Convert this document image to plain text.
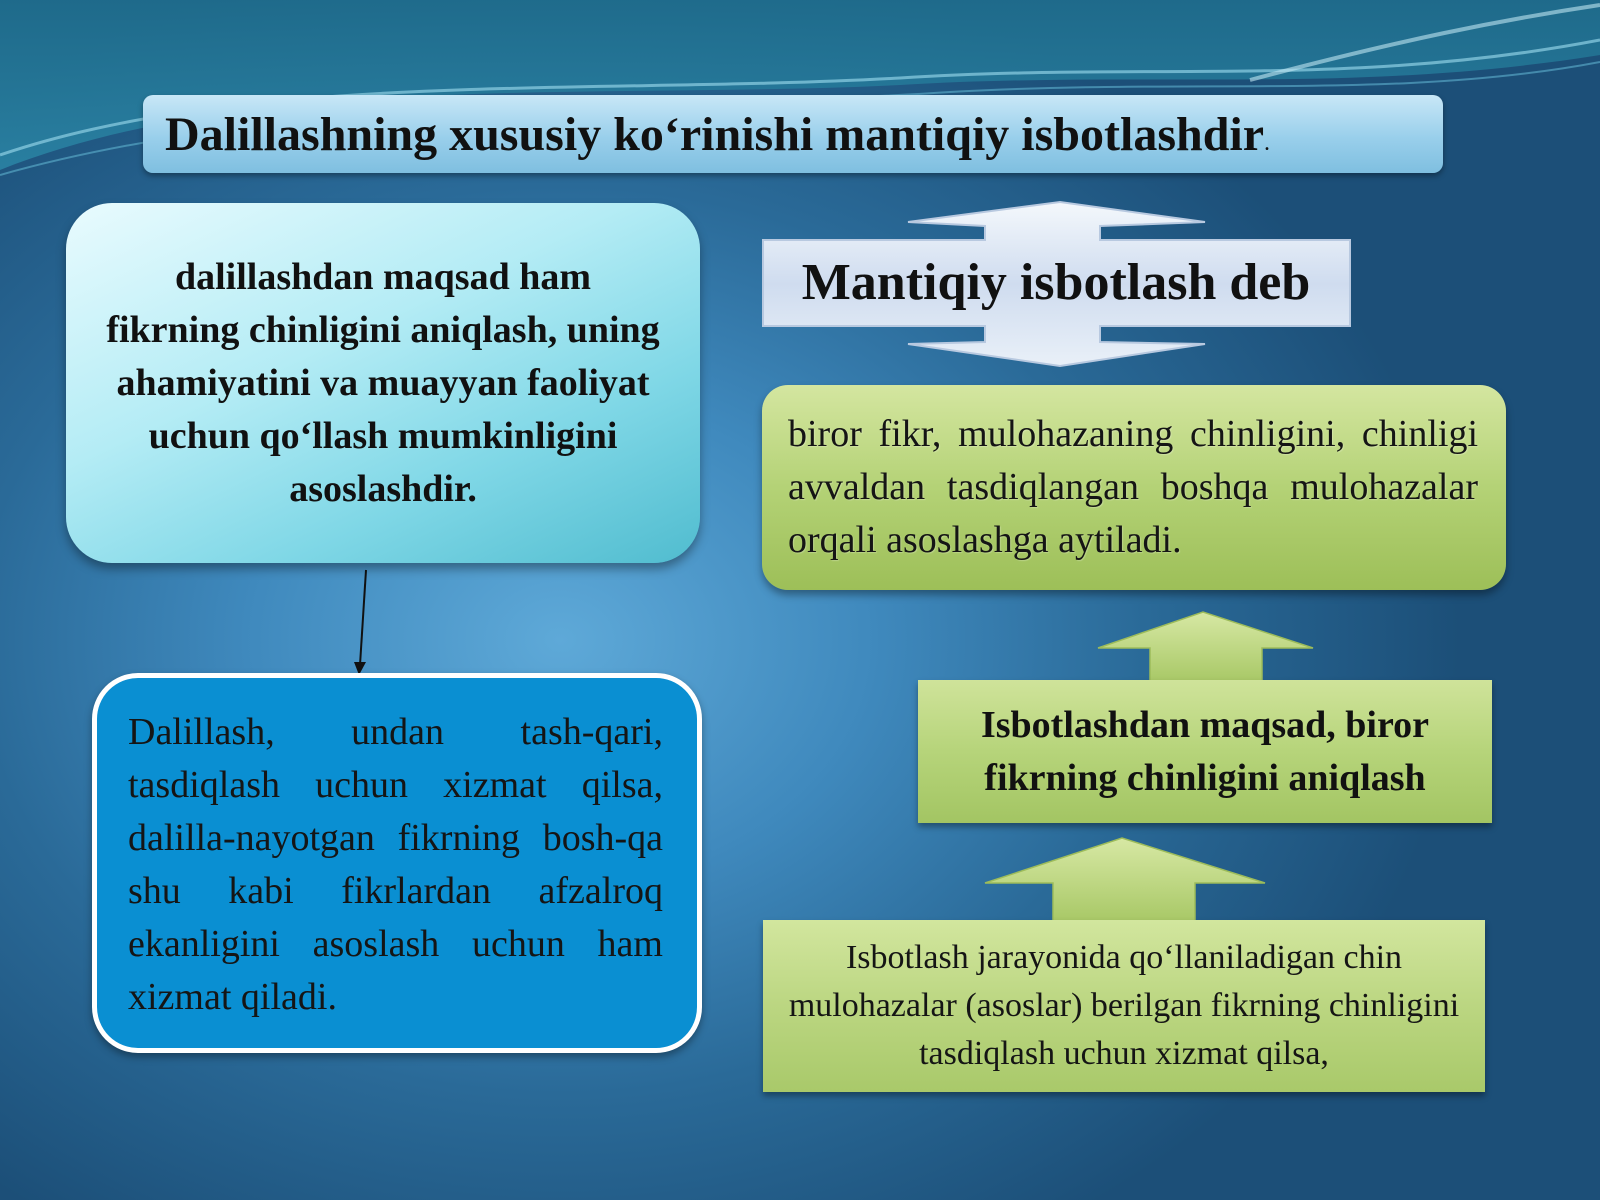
Dalillashning xususiy ko‘rinishi mantiqiy isbotlashdir.

dalillashdan maqsad ham fikrning chinligini aniqlash, uning ahamiyatini va muayyan faoliyat uchun qo‘llash mumkinligini asoslashdir.

Dalillash, undan tash-qari, tasdiqlash uchun xizmat qilsa, dalilla-nayotgan fikrning bosh-qa shu kabi fikrlardan afzalroq ekanligini asoslash uchun ham xizmat qiladi.
Mantiqiy isbotlash deb
biror fikr, mulohazaning chinligini, chinligi avvaldan tasdiqlangan boshqa mulohazalar orqali asoslashga aytiladi.

Isbotlashdan maqsad, biror fikrning chinligini aniqlash

Isbotlash jarayonida qo‘llaniladigan chin mulohazalar (asoslar) berilgan fikrning chinligini tasdiqlash uchun xizmat qilsa,
